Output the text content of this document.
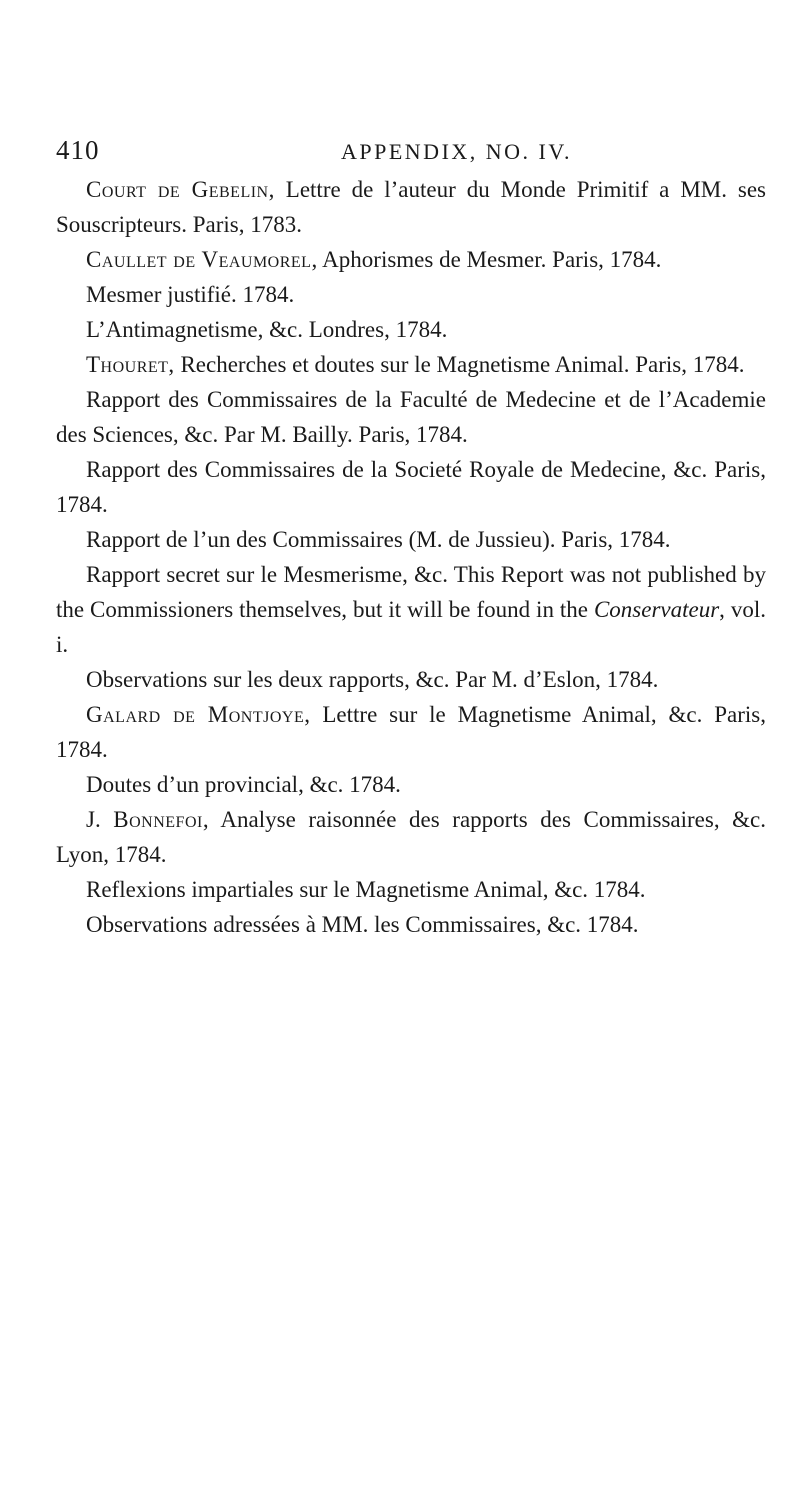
410	APPENDIX, NO. IV.

Court de Gebelin, Lettre de l’auteur du Monde Primitif a MM. ses Souscripteurs. Paris, 1783.

Caullet de Veaumorel, Aphorismes de Mesmer. Paris, 1784.

Mesmer justifié. 1784.

L’Antimagnetisme, &c. Londres, 1784.

Thouret, Recherches et doutes sur le Magnetisme Animal. Paris, 1784.

Rapport des Commissaires de la Faculté de Medecine et de l’Academie des Sciences, &c. Par M. Bailly. Paris, 1784.

Rapport des Commissaires de la Societé Royale de Medecine, &c. Paris, 1784.

Rapport de l’un des Commissaires (M. de Jussieu). Paris, 1784.

Rapport secret sur le Mesmerisme, &c. This Report was not published by the Commissioners themselves, but it will be found in the Conservateur, vol. i.

Observations sur les deux rapports, &c. Par M. d’Eslon, 1784.

Galard de Montjoye, Lettre sur le Magnetisme Animal, &c. Paris, 1784.

Doutes d’un provincial, &c. 1784.

J. Bonnefoi, Analyse raisonnée des rapports des Commissaires, &c. Lyon, 1784.

Reflexions impartiales sur le Magnetisme Animal, &c. 1784.

Observations adressées à MM. les Commissaires, &c. 1784.
